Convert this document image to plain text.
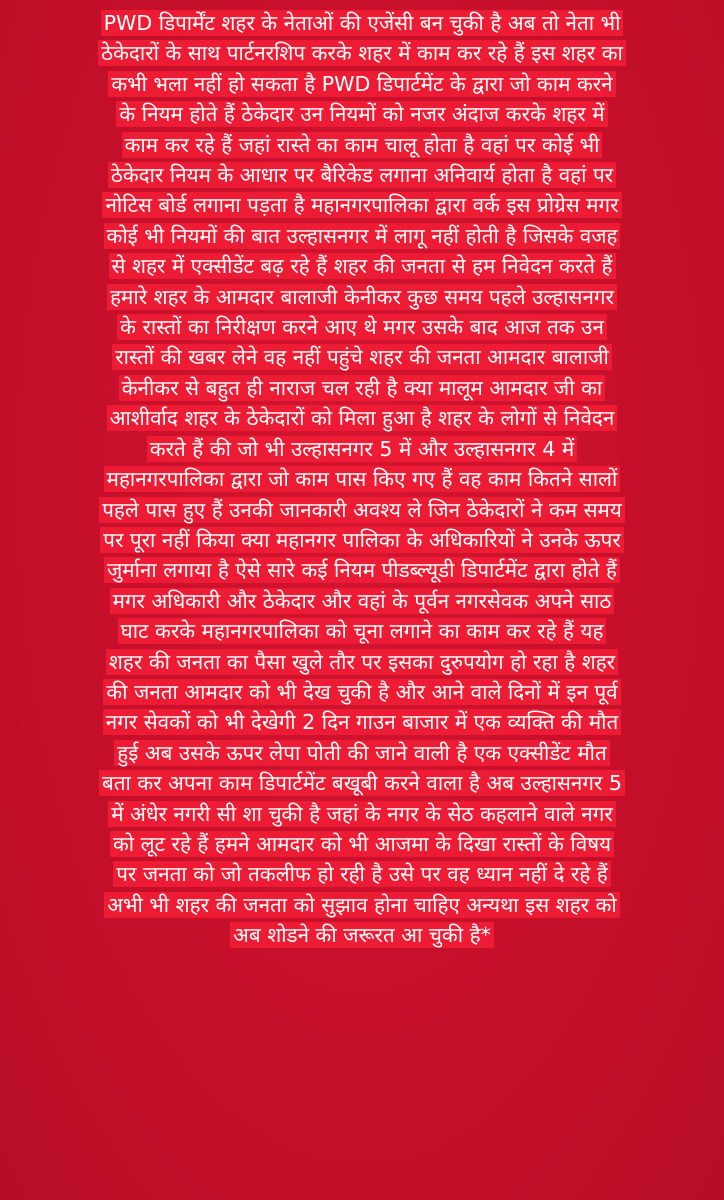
PWD डिपार्मेंट शहर के नेताओं की एजेंसी बन चुकी है अब तो नेता भी
ठेकेदारों के साथ पार्टनरशिप करके शहर में काम कर रहे हैं इस शहर का
कभी भला नहीं हो सकता है PWD डिपार्टमेंट के द्वारा जो काम करने
के नियम होते हैं ठेकेदार उन नियमों को नजर अंदाज करके शहर में
काम कर रहे हैं जहां रास्ते का काम चालू होता है वहां पर कोई भी
ठेकेदार नियम के आधार पर बैरिकेड लगाना अनिवार्य होता है वहां पर
नोटिस बोर्ड लगाना पड़ता है महानगरपालिका द्वारा वर्क इस प्रोग्रेस मगर
कोई भी नियमों की बात उल्हासनगर में लागू नहीं होती है जिसके वजह
से शहर में एक्सीडेंट बढ़ रहे हैं शहर की जनता से हम निवेदन करते हैं
हमारे शहर के आमदार बालाजी केनीकर कुछ समय पहले उल्हासनगर
के रास्तों का निरीक्षण करने आए थे मगर उसके बाद आज तक उन
रास्तों की खबर लेने वह नहीं पहुंचे शहर की जनता आमदार बालाजी
केनीकर से बहुत ही नाराज चल रही है क्या मालूम आमदार जी का
आशीर्वाद शहर के ठेकेदारों को मिला हुआ है शहर के लोगों से निवेदन
करते हैं की जो भी उल्हासनगर 5 में और उल्हासनगर 4 में
महानगरपालिका द्वारा जो काम पास किए गए हैं वह काम कितने सालों
पहले पास हुए हैं उनकी जानकारी अवश्य ले जिन ठेकेदारों ने कम समय
पर पूरा नहीं किया क्या महानगर पालिका के अधिकारियों ने उनके ऊपर
जुर्माना लगाया है ऐसे सारे कई नियम पीडब्ल्यूडी डिपार्टमेंट द्वारा होते हैं
मगर अधिकारी और ठेकेदार और वहां के पूर्वन नगरसेवक अपने साठ
घाट करके महानगरपालिका को चूना लगाने का काम कर रहे हैं यह
शहर की जनता का पैसा खुले तौर पर इसका दुरुपयोग हो रहा है शहर
की जनता आमदार को भी देख चुकी है और आने वाले दिनों में इन पूर्व
नगर सेवकों को भी देखेगी 2 दिन गाउन बाजार में एक व्यक्ति की मौत
हुई अब उसके ऊपर लेपा पोती की जाने वाली है एक एक्सीडेंट मौत
बता कर अपना काम डिपार्टमेंट बखूबी करने वाला है अब उल्हासनगर 5
में अंधेर नगरी सी शा चुकी है जहां के नगर के सेठ कहलाने वाले नगर
को लूट रहे हैं हमने आमदार को भी आजमा के दिखा रास्तों के विषय
पर जनता को जो तकलीफ हो रही है उसे पर वह ध्यान नहीं दे रहे हैं
अभी भी शहर की जनता को सुझाव होना चाहिए अन्यथा इस शहर को
अब शोडने की जरूरत आ चुकी है*
